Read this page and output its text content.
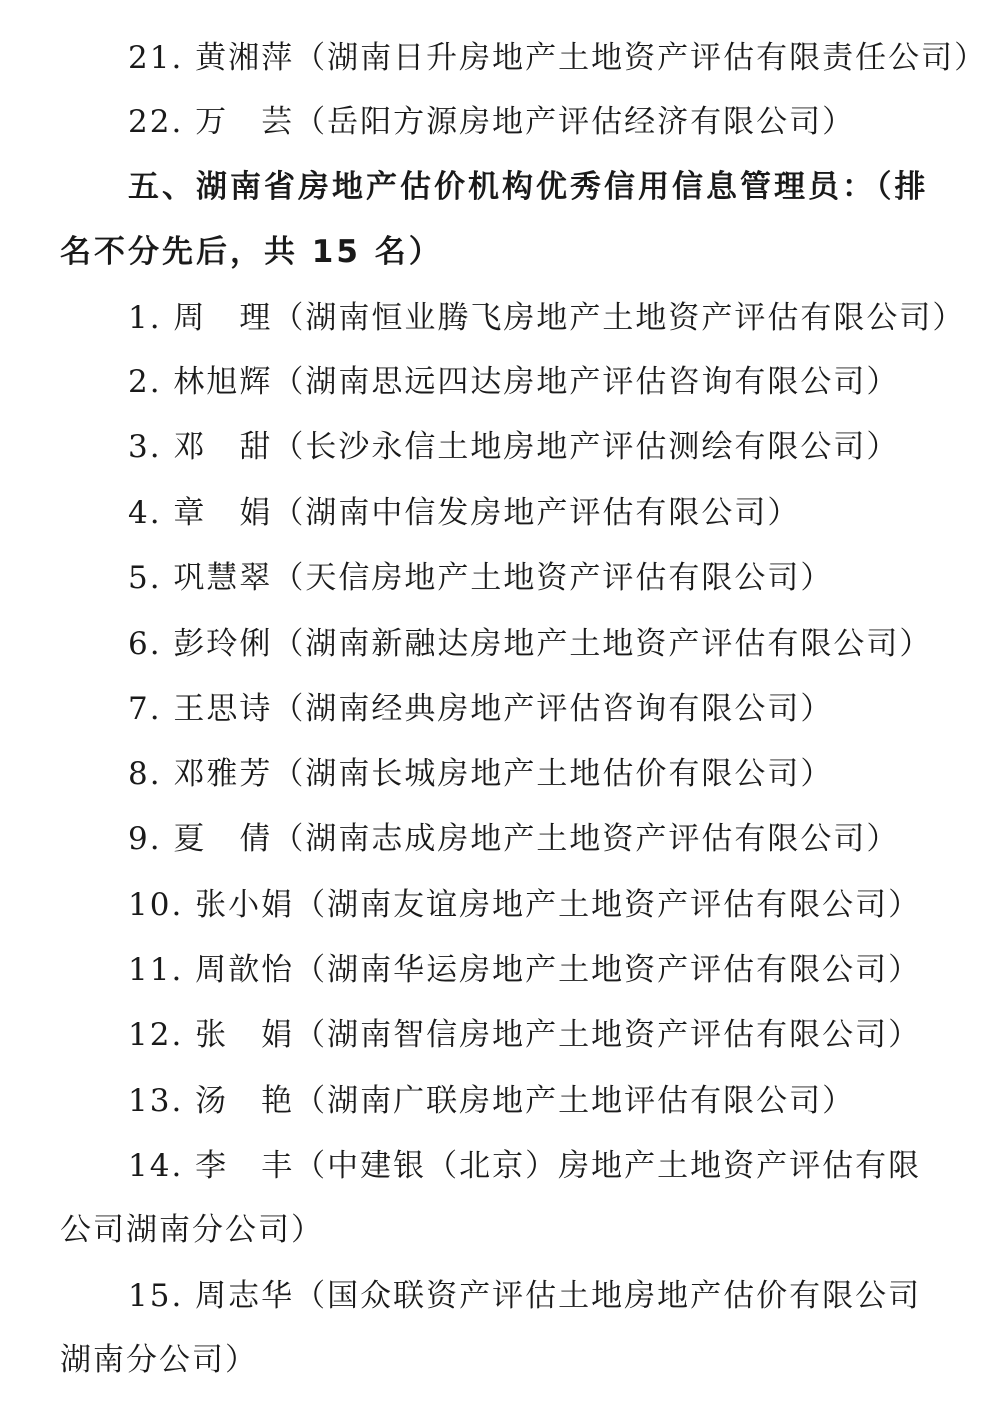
21. 黄湘萍（湖南日升房地产土地资产评估有限责任公司）
22. 万　芸（岳阳方源房地产评估经济有限公司）
五、湖南省房地产估价机构优秀信用信息管理员：（排
名不分先后，共 15 名）
1. 周　理（湖南恒业腾飞房地产土地资产评估有限公司）
2. 林旭辉（湖南思远四达房地产评估咨询有限公司）
3. 邓　甜（长沙永信土地房地产评估测绘有限公司）
4. 章　娟（湖南中信发房地产评估有限公司）
5. 巩慧翠（天信房地产土地资产评估有限公司）
6. 彭玲俐（湖南新融达房地产土地资产评估有限公司）
7. 王思诗（湖南经典房地产评估咨询有限公司）
8. 邓雅芳（湖南长城房地产土地估价有限公司）
9. 夏　倩（湖南志成房地产土地资产评估有限公司）
10. 张小娟（湖南友谊房地产土地资产评估有限公司）
11. 周歆怡（湖南华运房地产土地资产评估有限公司）
12. 张　娟（湖南智信房地产土地资产评估有限公司）
13. 汤　艳（湖南广联房地产土地评估有限公司）
14. 李　丰（中建银（北京）房地产土地资产评估有限
公司湖南分公司）
15. 周志华（国众联资产评估土地房地产估价有限公司
湖南分公司）
